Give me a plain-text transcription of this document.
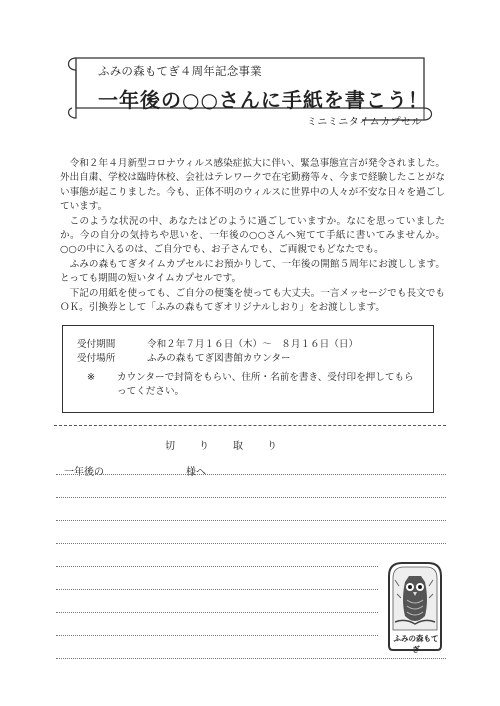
ふみの森もてぎ４周年記念事業
一年後の○○さんに手紙を書こう！
ミニミニタイムカプセル

令和２年４月新型コロナウィルス感染症拡大に伴い、緊急事態宣言が発令されました。外出自粛、学校は臨時休校、会社はテレワークで在宅勤務等々、今まで経験したことがない事態が起こりました。今も、正体不明のウィルスに世界中の人々が不安な日々を過ごしています。

このような状況の中、あなたはどのように過ごしていますか。なにを思っていましたか。今の自分の気持ちや思いを、一年後の○○さんへ宛てて手紙に書いてみませんか。○○の中に入るのは、ご自分でも、お子さんでも、ご両親でもどなたでも。

ふみの森もてぎタイムカプセルにお預かりして、一年後の開館５周年にお渡しします。とっても期間の短いタイムカプセルです。

下記の用紙を使っても、ご自分の便箋を使っても大丈夫。一言メッセージでも長文でもＯＫ。引換券として「ふみの森もてぎオリジナルしおり」をお渡しします。

受付期間	令和２年７月１６日（木）～　８月１６日（日）
受付場所	ふみの森もてぎ図書館カウンター
※ カウンターで封筒をもらい、住所・名前を書き、受付印を押してもらってください。
切り取り
一年後の	様へ
ふみの森もてぎ
